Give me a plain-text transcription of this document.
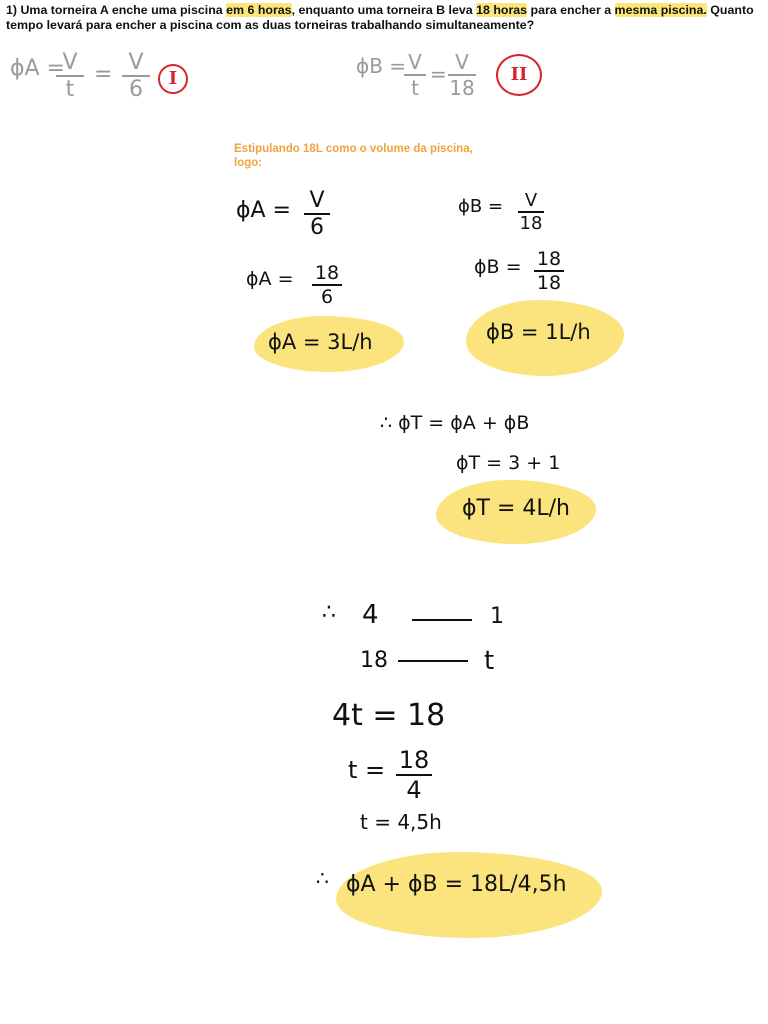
1) Uma torneira A enche uma piscina em 6 horas, enquanto uma torneira B leva 18 horas para encher a mesma piscina. Quanto tempo levará para encher a piscina com as duas torneiras trabalhando simultaneamente?

ϕA =
V
t
= V
6	I
ϕB = V
t
= V
18
II
Estipulando 18L como o volume da piscina, logo:
ϕA = V
6
ϕA = 18
6
ϕA = 3L/h
ϕB =	V
18
ϕB = 18
18
ϕB = 1L/h
∴ ϕT = ϕA + ϕB
ϕT = 3 + 1
ϕT = 4L/h
∴ 4	1
18	t
4t = 18
t = 18
4
t = 4,5h
∴ ϕA + ϕB = 18L/4,5h
